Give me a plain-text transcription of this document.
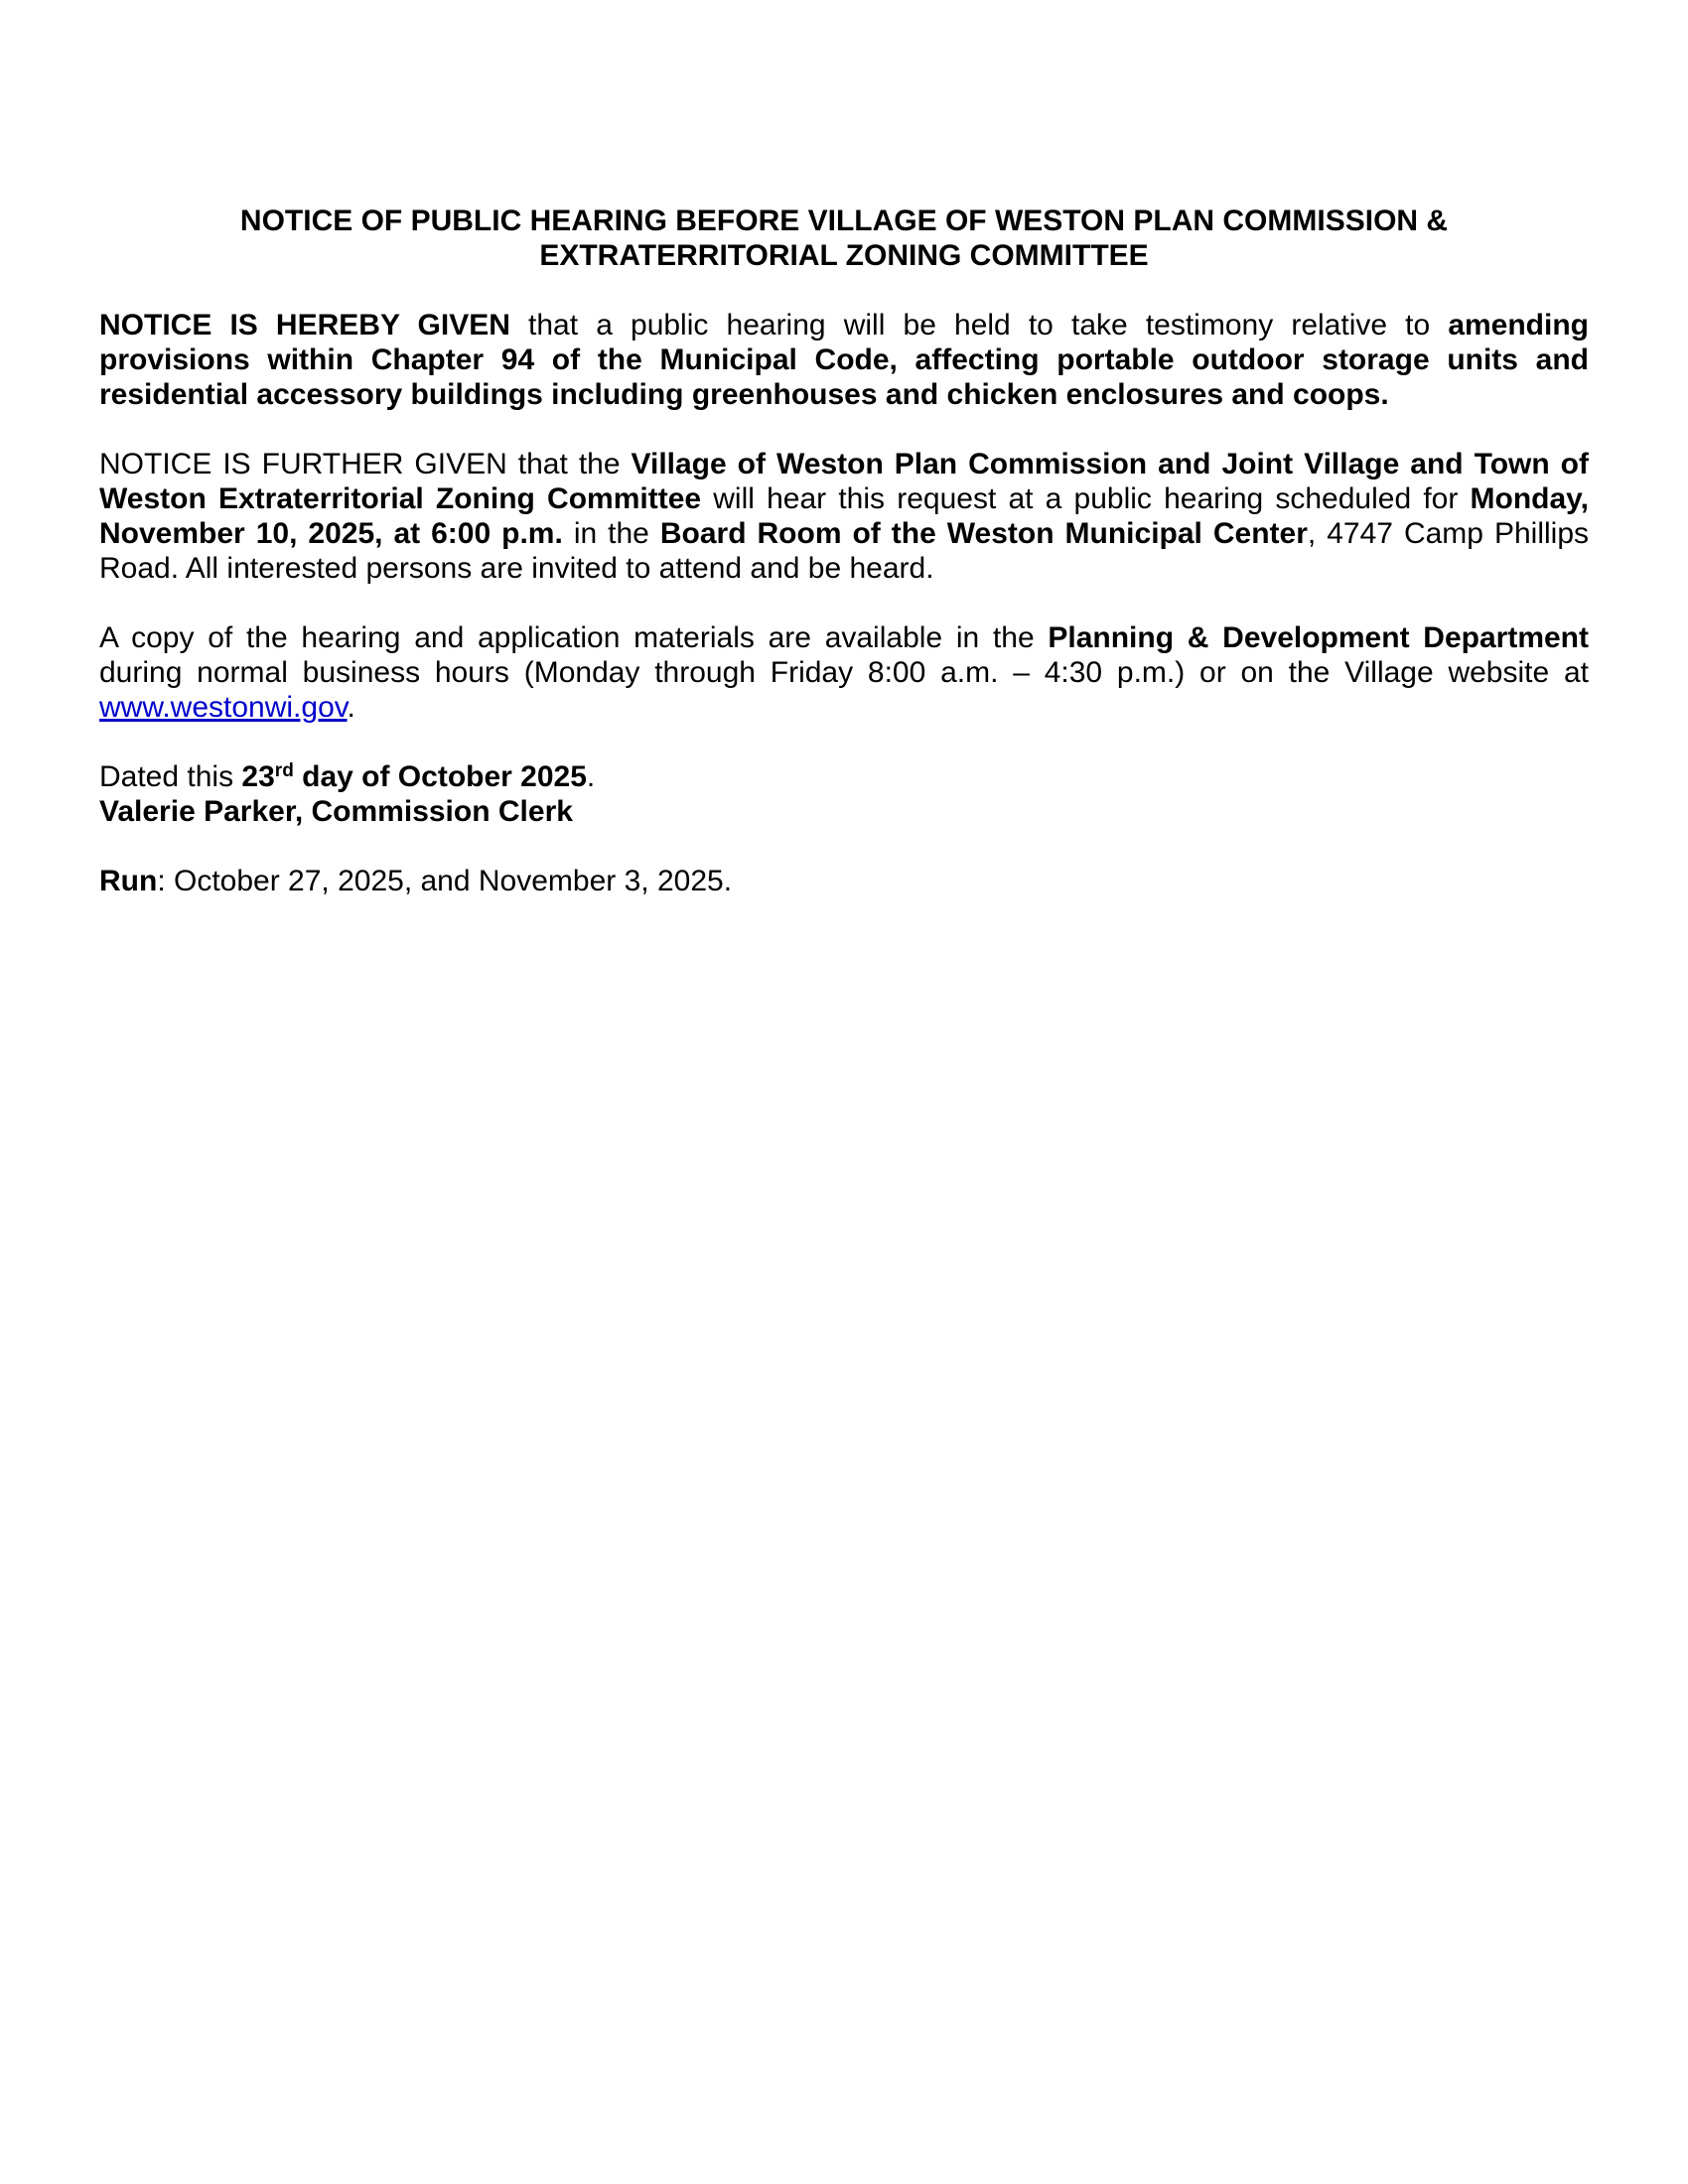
NOTICE OF PUBLIC HEARING BEFORE VILLAGE OF WESTON PLAN COMMISSION &
EXTRATERRITORIAL ZONING COMMITTEE

NOTICE IS HEREBY GIVEN that a public hearing will be held to take testimony relative to amending provisions within Chapter 94 of the Municipal Code, affecting portable outdoor storage units and residential accessory buildings including greenhouses and chicken enclosures and coops.

NOTICE IS FURTHER GIVEN that the Village of Weston Plan Commission and Joint Village and Town of Weston Extraterritorial Zoning Committee will hear this request at a public hearing scheduled for Monday, November 10, 2025, at 6:00 p.m. in the Board Room of the Weston Municipal Center, 4747 Camp Phillips Road. All interested persons are invited to attend and be heard.

A copy of the hearing and application materials are available in the Planning & Development Department during normal business hours (Monday through Friday 8:00 a.m. – 4:30 p.m.) or on the Village website at www.westonwi.gov.

Dated this 23rd day of October 2025.

Valerie Parker, Commission Clerk

Run: October 27, 2025, and November 3, 2025.
